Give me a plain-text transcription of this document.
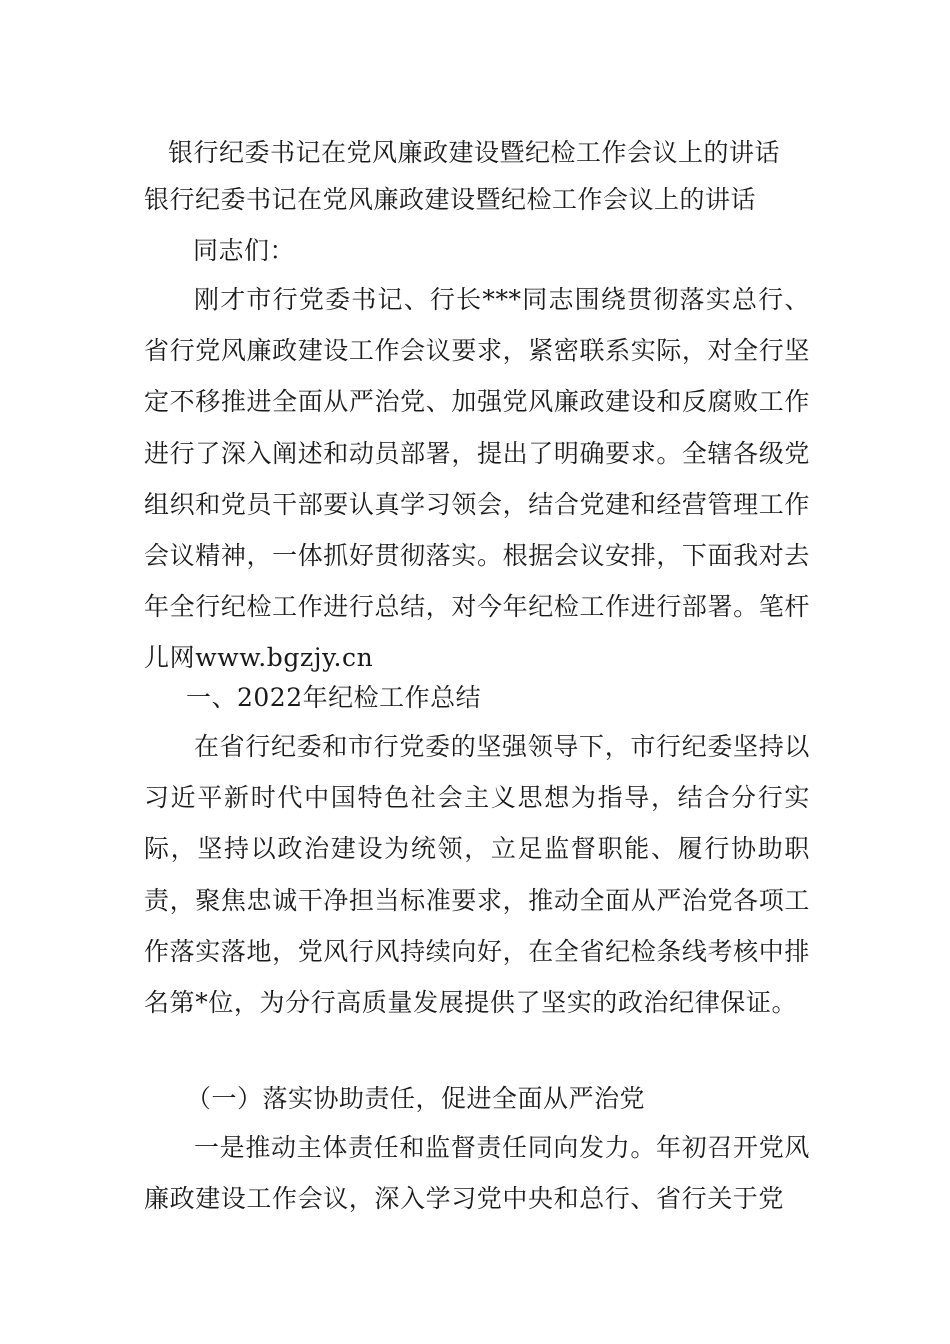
银行纪委书记在党风廉政建设暨纪检工作会议上的讲话
银行纪委书记在党风廉政建设暨纪检工作会议上的讲话
同志们：
刚才市行党委书记、行长***同志围绕贯彻落实总行、省行党风廉政建设工作会议要求，紧密联系实际，对全行坚定不移推进全面从严治党、加强党风廉政建设和反腐败工作进行了深入阐述和动员部署，提出了明确要求。全辖各级党组织和党员干部要认真学习领会，结合党建和经营管理工作会议精神，一体抓好贯彻落实。根据会议安排，下面我对去年全行纪检工作进行总结，对今年纪检工作进行部署。笔杆儿网www.bgzjy.cn
一、2022年纪检工作总结
在省行纪委和市行党委的坚强领导下，市行纪委坚持以习近平新时代中国特色社会主义思想为指导，结合分行实际，坚持以政治建设为统领，立足监督职能、履行协助职责，聚焦忠诚干净担当标准要求，推动全面从严治党各项工作落实落地，党风行风持续向好，在全省纪检条线考核中排名第*位，为分行高质量发展提供了坚实的政治纪律保证。
（一）落实协助责任，促进全面从严治党
一是推动主体责任和监督责任同向发力。年初召开党风廉政建设工作会议，深入学习党中央和总行、省行关于党
